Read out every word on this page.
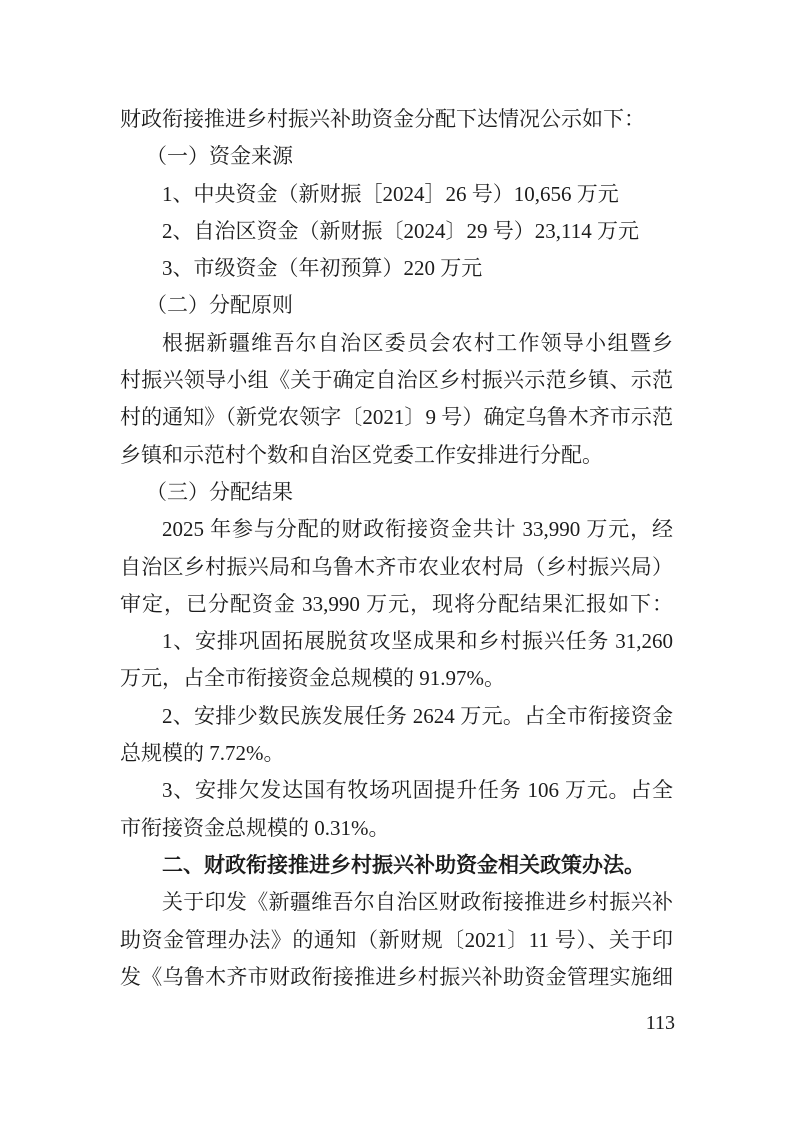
财政衔接推进乡村振兴补助资金分配下达情况公示如下：
（一）资金来源
1、中央资金（新财振［2024］26 号）10,656 万元
2、自治区资金（新财振〔2024〕29 号）23,114 万元
3、市级资金（年初预算）220 万元
（二）分配原则
根据新疆维吾尔自治区委员会农村工作领导小组暨乡
村振兴领导小组《关于确定自治区乡村振兴示范乡镇、示范
村的通知》（新党农领字〔2021〕9 号）确定乌鲁木齐市示范
乡镇和示范村个数和自治区党委工作安排进行分配。
（三）分配结果
2025 年参与分配的财政衔接资金共计 33,990 万元，经
自治区乡村振兴局和乌鲁木齐市农业农村局（乡村振兴局）
审定，已分配资金 33,990 万元，现将分配结果汇报如下：
1、安排巩固拓展脱贫攻坚成果和乡村振兴任务 31,260
万元，占全市衔接资金总规模的 91.97%。
2、安排少数民族发展任务 2624 万元。占全市衔接资金
总规模的 7.72%。
3、安排欠发达国有牧场巩固提升任务 106 万元。占全
市衔接资金总规模的 0.31%。
二、财政衔接推进乡村振兴补助资金相关政策办法。
关于印发《新疆维吾尔自治区财政衔接推进乡村振兴补
助资金管理办法》的通知（新财规〔2021〕11 号）、关于印
发《乌鲁木齐市财政衔接推进乡村振兴补助资金管理实施细
113
